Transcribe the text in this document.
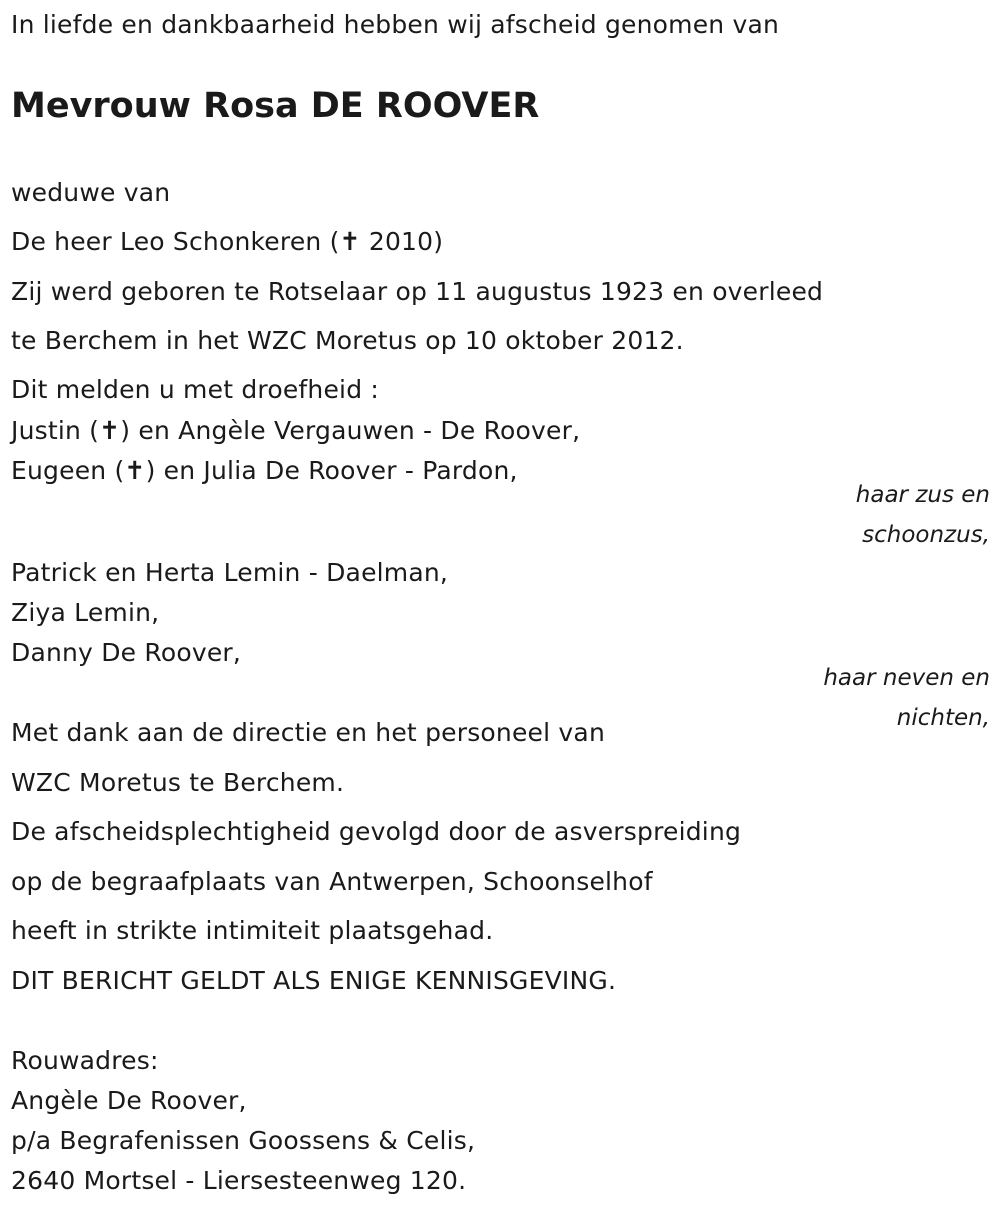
In liefde en dankbaarheid hebben wij afscheid genomen van
Mevrouw Rosa DE ROOVER
weduwe van
De heer Leo Schonkeren (✝ 2010)
Zij werd geboren te Rotselaar op 11 augustus 1923 en overleed
te Berchem in het WZC Moretus op 10 oktober 2012.
Dit melden u met droefheid :
Justin (✝) en Angèle Vergauwen - De Roover,
Eugeen (✝) en Julia De Roover - Pardon,
haar zus en
schoonzus,
Patrick en Herta Lemin - Daelman,
Ziya Lemin,
Danny De Roover,
haar neven en
nichten,
Met dank aan de directie en het personeel van
WZC Moretus te Berchem.
De afscheidsplechtigheid gevolgd door de asverspreiding
op de begraafplaats van Antwerpen, Schoonselhof
heeft in strikte intimiteit plaatsgehad.
DIT BERICHT GELDT ALS ENIGE KENNISGEVING.
Rouwadres:
Angèle De Roover,
p/a Begrafenissen Goossens & Celis,
2640 Mortsel - Liersesteenweg 120.
